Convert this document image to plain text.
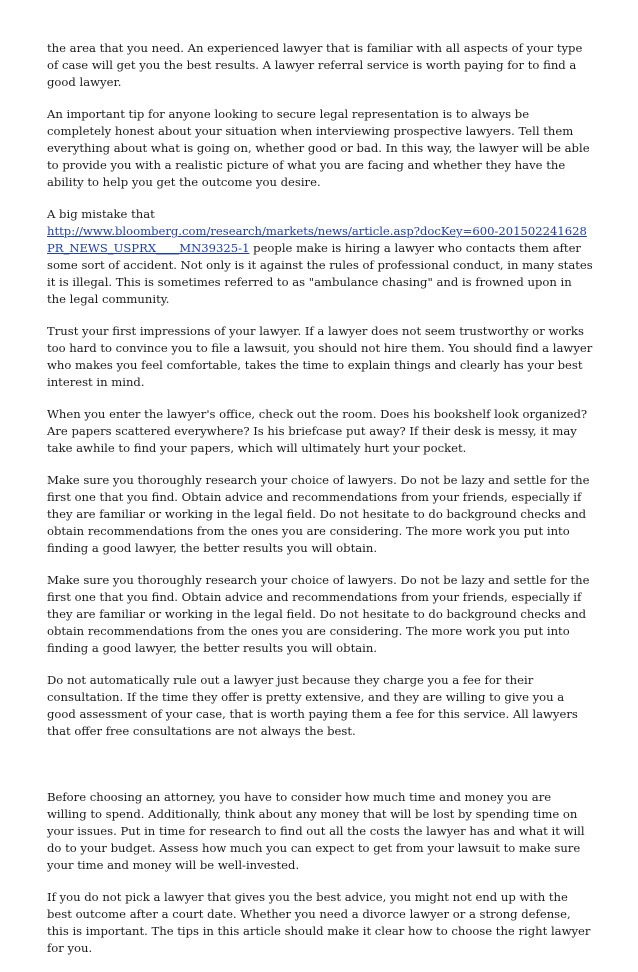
the area that you need. An experienced lawyer that is familiar with all aspects of your type of case will get you the best results. A lawyer referral service is worth paying for to find a good lawyer.

An important tip for anyone looking to secure legal representation is to always be completely honest about your situation when interviewing prospective lawyers. Tell them everything about what is going on, whether good or bad. In this way, the lawyer will be able to provide you with a realistic picture of what you are facing and whether they have the ability to help you get the outcome you desire.

A big mistake that
http://www.bloomberg.com/research/markets/news/article.asp?docKey=600-201502241628PR_NEWS_USPRX____MN39325-1 people make is hiring a lawyer who contacts them after some sort of accident. Not only is it against the rules of professional conduct, in many states it is illegal. This is sometimes referred to as "ambulance chasing" and is frowned upon in the legal community.

Trust your first impressions of your lawyer. If a lawyer does not seem trustworthy or works too hard to convince you to file a lawsuit, you should not hire them. You should find a lawyer who makes you feel comfortable, takes the time to explain things and clearly has your best interest in mind.

When you enter the lawyer's office, check out the room. Does his bookshelf look organized? Are papers scattered everywhere? Is his briefcase put away? If their desk is messy, it may take awhile to find your papers, which will ultimately hurt your pocket.

Make sure you thoroughly research your choice of lawyers. Do not be lazy and settle for the first one that you find. Obtain advice and recommendations from your friends, especially if they are familiar or working in the legal field. Do not hesitate to do background checks and obtain recommendations from the ones you are considering. The more work you put into finding a good lawyer, the better results you will obtain.

Make sure you thoroughly research your choice of lawyers. Do not be lazy and settle for the first one that you find. Obtain advice and recommendations from your friends, especially if they are familiar or working in the legal field. Do not hesitate to do background checks and obtain recommendations from the ones you are considering. The more work you put into finding a good lawyer, the better results you will obtain.

Do not automatically rule out a lawyer just because they charge you a fee for their consultation. If the time they offer is pretty extensive, and they are willing to give you a good assessment of your case, that is worth paying them a fee for this service. All lawyers that offer free consultations are not always the best.

Before choosing an attorney, you have to consider how much time and money you are willing to spend. Additionally, think about any money that will be lost by spending time on your issues. Put in time for research to find out all the costs the lawyer has and what it will do to your budget. Assess how much you can expect to get from your lawsuit to make sure your time and money will be well-invested.

If you do not pick a lawyer that gives you the best advice, you might not end up with the best outcome after a court date. Whether you need a divorce lawyer or a strong defense, this is important. The tips in this article should make it clear how to choose the right lawyer for you.
